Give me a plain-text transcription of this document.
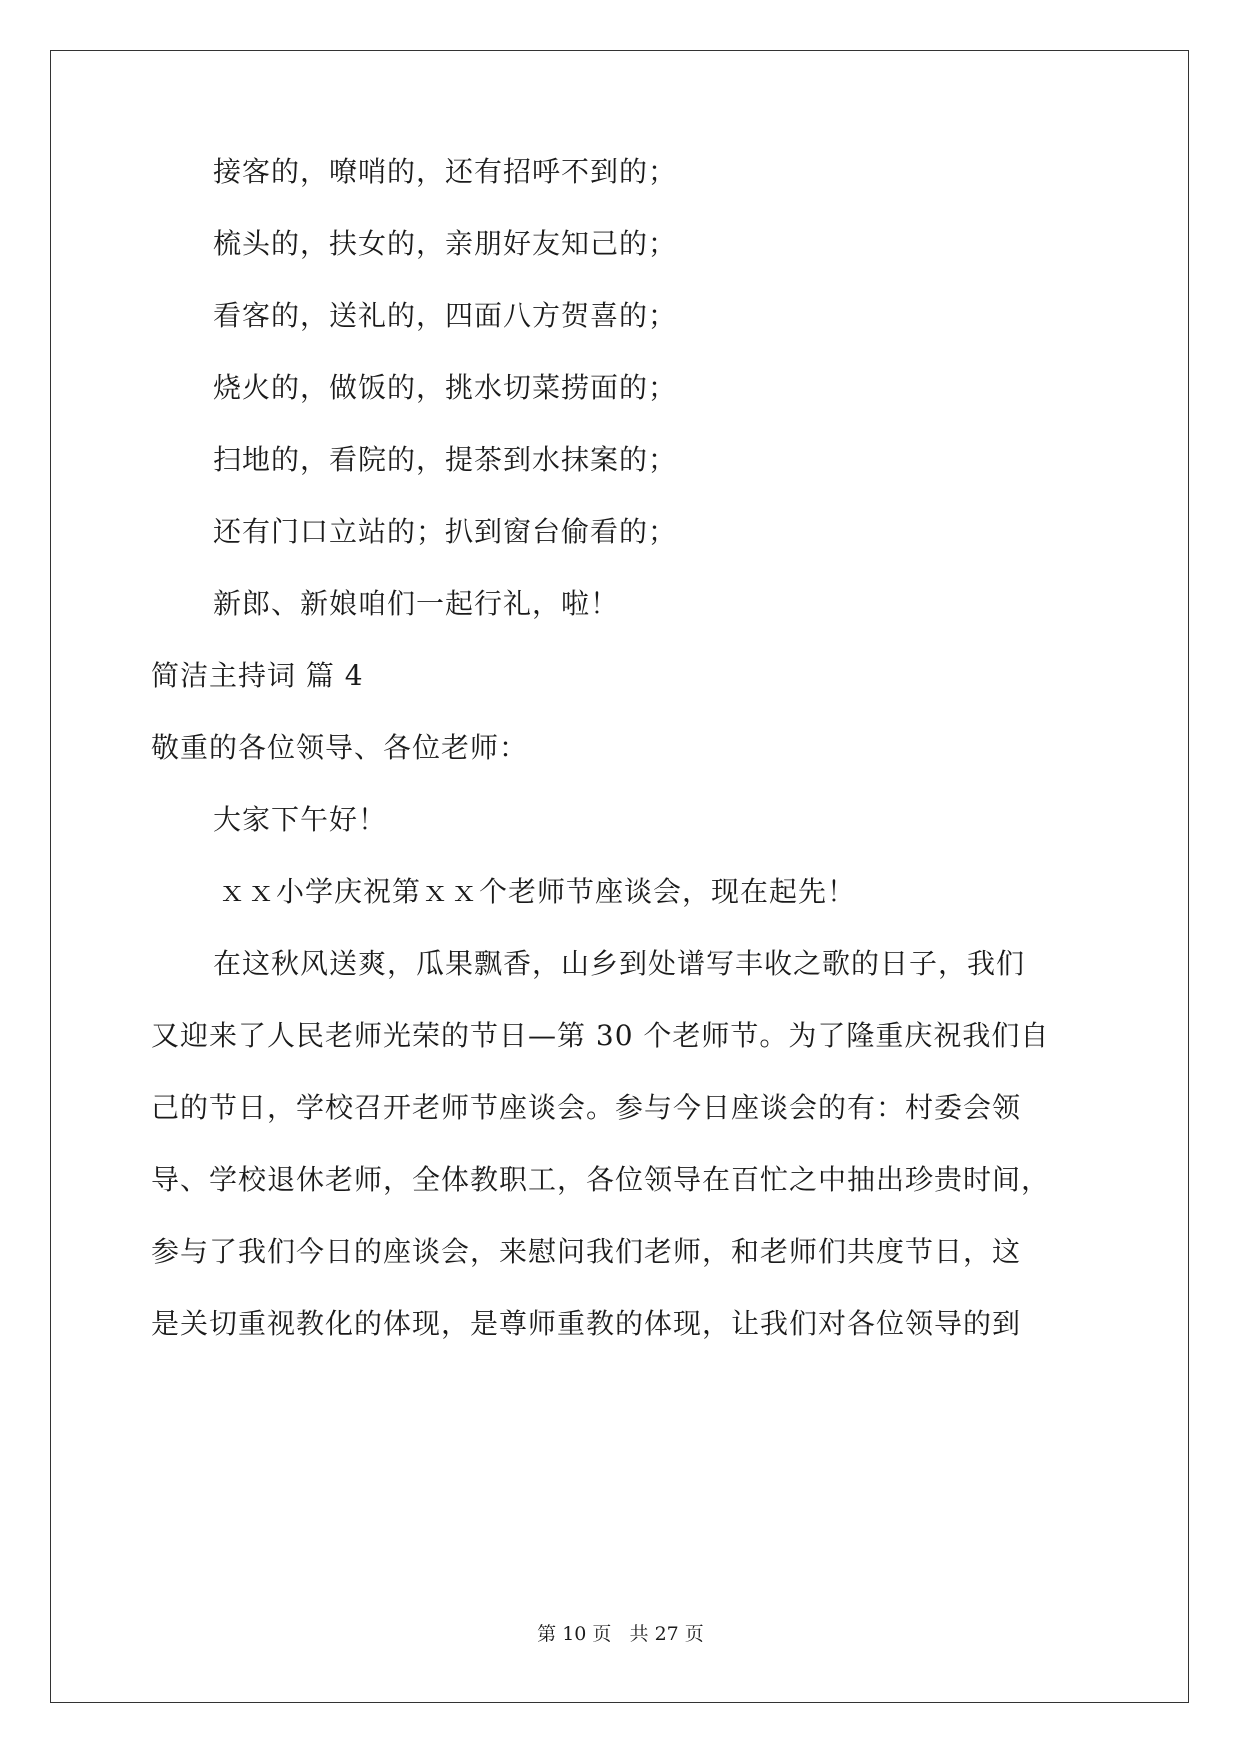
接客的，嘹哨的，还有招呼不到的；
梳头的，扶女的，亲朋好友知己的；
看客的，送礼的，四面八方贺喜的；
烧火的，做饭的，挑水切菜捞面的；
扫地的，看院的，提茶到水抹案的；
还有门口立站的；扒到窗台偷看的；
新郎、新娘咱们一起行礼，啦！
简洁主持词 篇 4
敬重的各位领导、各位老师：
大家下午好！
ｘｘ小学庆祝第ｘｘ个老师节座谈会，现在起先！
在这秋风送爽，瓜果飘香，山乡到处谱写丰收之歌的日子，我们
又迎来了人民老师光荣的节日—第 30 个老师节。为了隆重庆祝我们自
己的节日，学校召开老师节座谈会。参与今日座谈会的有：村委会领
导、学校退休老师，全体教职工，各位领导在百忙之中抽出珍贵时间，
参与了我们今日的座谈会，来慰问我们老师，和老师们共度节日，这
是关切重视教化的体现，是尊师重教的体现，让我们对各位领导的到
第 10 页   共 27 页
